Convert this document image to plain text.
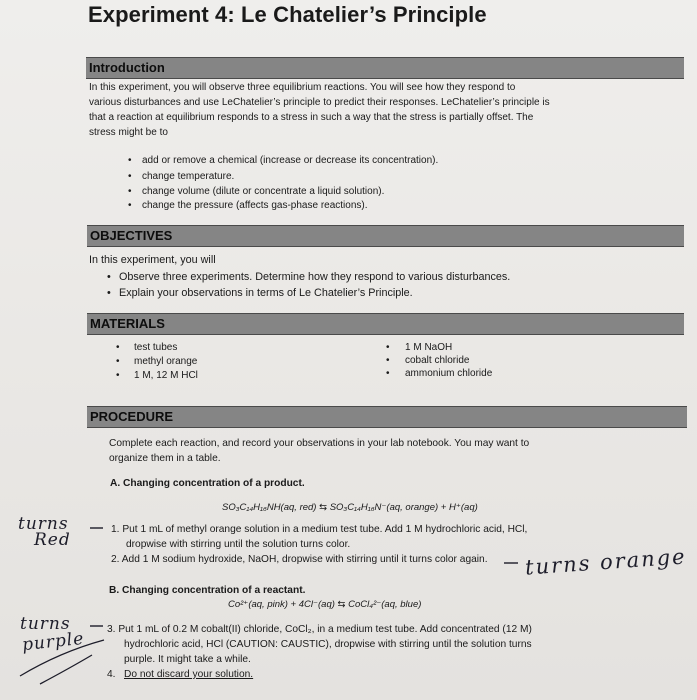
Experiment 4: Le Chatelier’s Principle
Introduction
In this experiment, you will observe three equilibrium reactions. You will see how they respond to
various disturbances and use LeChatelier’s principle to predict their responses. LeChatelier’s principle is
that a reaction at equilibrium responds to a stress in such a way that the stress is partially offset. The
stress might be to
• add or remove a chemical (increase or decrease its concentration).
• change temperature.
• change volume (dilute or concentrate a liquid solution).
• change the pressure (affects gas-phase reactions).
OBJECTIVES
In this experiment, you will
• Observe three experiments. Determine how they respond to various disturbances.
• Explain your observations in terms of Le Chatelier’s Principle.
MATERIALS
• test tubes
• methyl orange
• 1 M, 12 M HCl
• 1 M NaOH
• cobalt chloride
• ammonium chloride
PROCEDURE
Complete each reaction, and record your observations in your lab notebook. You may want to
organize them in a table.
A. Changing concentration of a product.
SO₃C₁₄H₁₆NH(aq, red) ⇆ SO₃C₁₄H₁₆N⁻(aq, orange) + H⁺(aq)
1. Put 1 mL of methyl orange solution in a medium test tube. Add 1 M hydrochloric acid, HCl,
dropwise with stirring until the solution turns color.
2. Add 1 M sodium hydroxide, NaOH, dropwise with stirring until it turns color again.
B. Changing concentration of a reactant.
Co²⁺(aq, pink) + 4Cl⁻(aq) ⇆ CoCl₄²⁻(aq, blue)
3. Put 1 mL of 0.2 M cobalt(II) chloride, CoCl₂, in a medium test tube. Add concentrated (12 M)
hydrochloric acid, HCl (CAUTION: CAUSTIC), dropwise with stirring until the solution turns
purple. It might take a while.
4. Do not discard your solution.
turns
Red
turns
purple
turns orange
